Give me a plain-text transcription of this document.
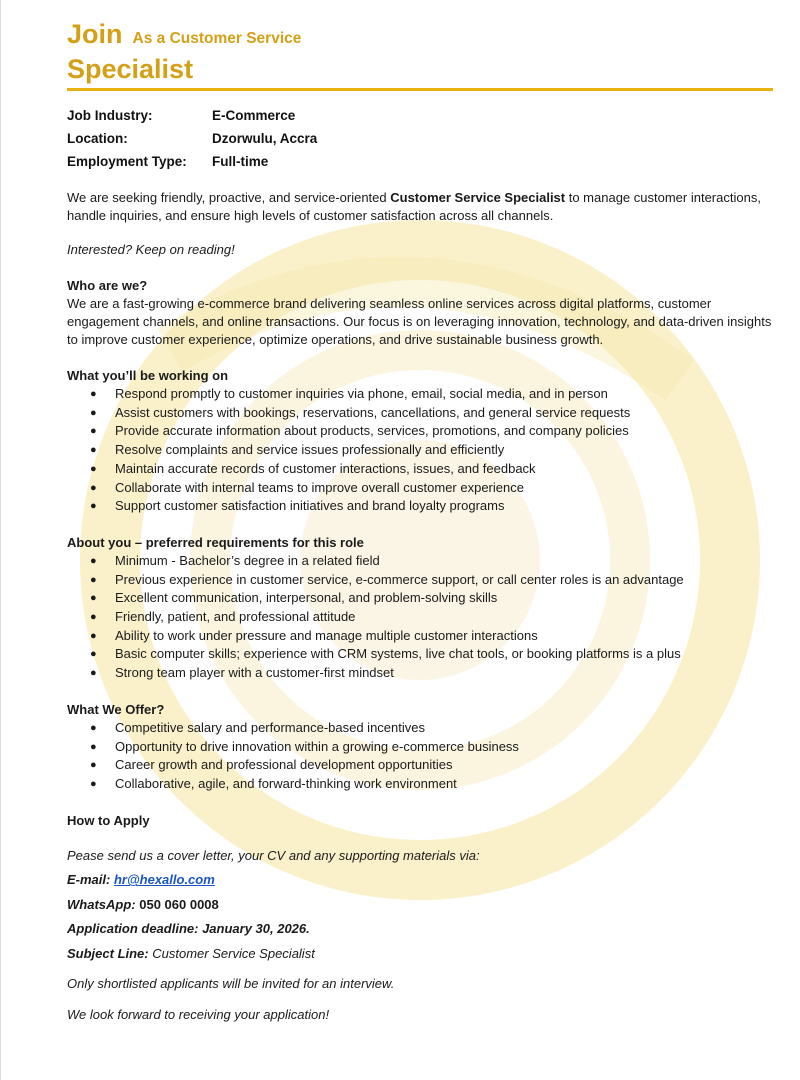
Join As a Customer Service
Specialist
Job Industry:	E-Commerce
Location:	Dzorwulu, Accra
Employment Type:	Full-time

We are seeking friendly, proactive, and service-oriented Customer Service Specialist to manage customer interactions, handle inquiries, and ensure high levels of customer satisfaction across all channels.

Interested? Keep on reading!

Who are we?

We are a fast-growing e-commerce brand delivering seamless online services across digital platforms, customer engagement channels, and online transactions. Our focus is on leveraging innovation, technology, and data-driven insights to improve customer experience, optimize operations, and drive sustainable business growth.

What you’ll be working on

● Respond promptly to customer inquiries via phone, email, social media, and in person
● Assist customers with bookings, reservations, cancellations, and general service requests
● Provide accurate information about products, services, promotions, and company policies
● Resolve complaints and service issues professionally and efficiently
● Maintain accurate records of customer interactions, issues, and feedback
● Collaborate with internal teams to improve overall customer experience
● Support customer satisfaction initiatives and brand loyalty programs

About you – preferred requirements for this role

● Minimum - Bachelor’s degree in a related field
● Previous experience in customer service, e-commerce support, or call center roles is an advantage
● Excellent communication, interpersonal, and problem-solving skills
● Friendly, patient, and professional attitude
● Ability to work under pressure and manage multiple customer interactions
● Basic computer skills; experience with CRM systems, live chat tools, or booking platforms is a plus
● Strong team player with a customer-first mindset

What We Offer?

● Competitive salary and performance-based incentives
● Opportunity to drive innovation within a growing e-commerce business
● Career growth and professional development opportunities
● Collaborative, agile, and forward-thinking work environment

How to Apply

Pease send us a cover letter, your CV and any supporting materials via:
E-mail: hr@hexallo.com
WhatsApp: 050 060 0008
Application deadline: January 30, 2026.
Subject Line: Customer Service Specialist
Only shortlisted applicants will be invited for an interview.
We look forward to receiving your application!
